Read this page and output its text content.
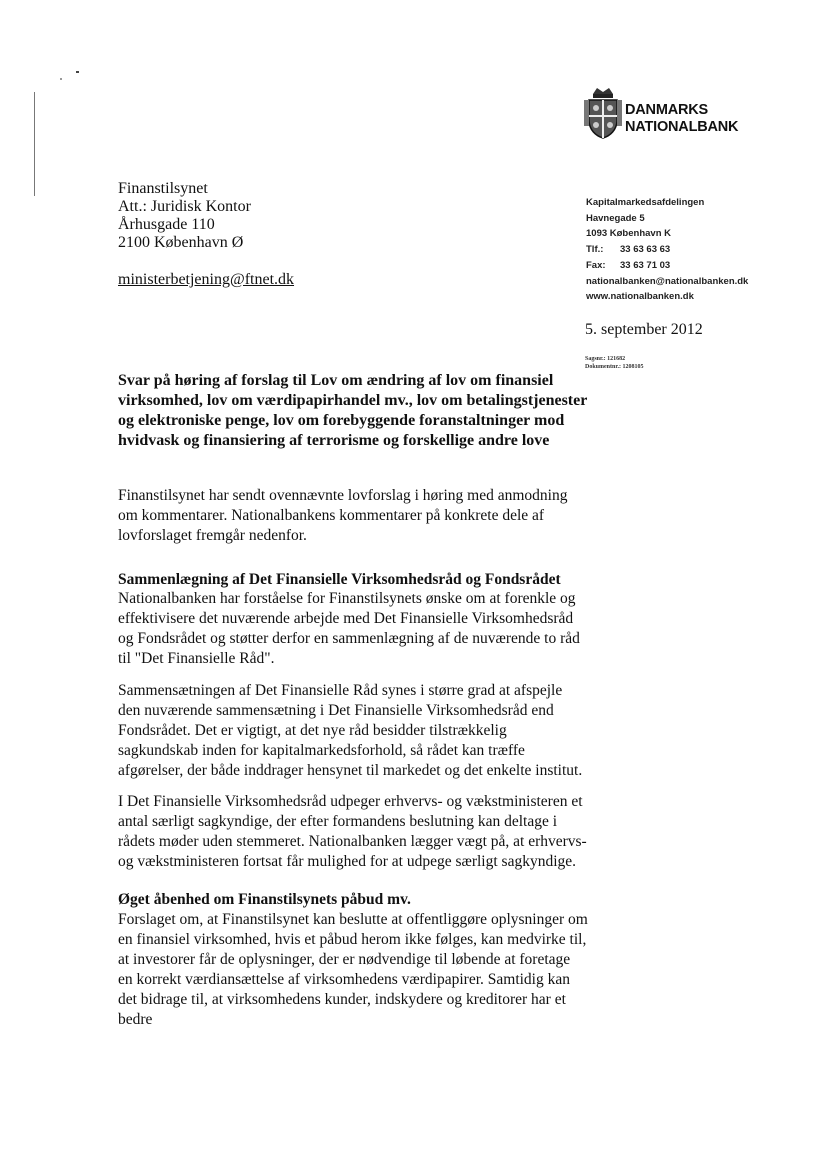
DANMARKS
NATIONALBANK
Finanstilsynet
Att.: Juridisk Kontor
Århusgade 110
2100 København Ø
ministerbetjening@ftnet.dk
Kapitalmarkedsafdelingen
Havnegade 5
1093 København K
Tlf.: 33 63 63 63
Fax: 33 63 71 03
nationalbanken@nationalbanken.dk
www.nationalbanken.dk
5. september 2012
Sagsnr.: 121682
Dokumentnr.: 1208105
Svar på høring af forslag til Lov om ændring af lov om finansiel virksomhed, lov om værdipapirhandel mv., lov om betalingstjenester og elektroniske penge, lov om forebyggende foranstaltninger mod hvidvask og finansiering af terrorisme og forskellige andre love
Finanstilsynet har sendt ovennævnte lovforslag i høring med anmodning om kommentarer. Nationalbankens kommentarer på konkrete dele af lovforslaget fremgår nedenfor.
Sammenlægning af Det Finansielle Virksomhedsråd og Fondsrådet
Nationalbanken har forståelse for Finanstilsynets ønske om at forenkle og effektivisere det nuværende arbejde med Det Finansielle Virksomhedsråd og Fondsrådet og støtter derfor en sammenlægning af de nuværende to råd til "Det Finansielle Råd".
Sammensætningen af Det Finansielle Råd synes i større grad at afspejle den nuværende sammensætning i Det Finansielle Virksomhedsråd end Fondsrådet. Det er vigtigt, at det nye råd besidder tilstrækkelig sagkundskab inden for kapitalmarkedsforhold, så rådet kan træffe afgørelser, der både inddrager hensynet til markedet og det enkelte institut.
I Det Finansielle Virksomhedsråd udpeger erhvervs- og vækstministeren et antal særligt sagkyndige, der efter formandens beslutning kan deltage i rådets møder uden stemmeret. Nationalbanken lægger vægt på, at erhvervs- og vækstministeren fortsat får mulighed for at udpege særligt sagkyndige.
Øget åbenhed om Finanstilsynets påbud mv.
Forslaget om, at Finanstilsynet kan beslutte at offentliggøre oplysninger om en finansiel virksomhed, hvis et påbud herom ikke følges, kan medvirke til, at investorer får de oplysninger, der er nødvendige til løbende at foretage en korrekt værdiansættelse af virksomhedens værdipapirer. Samtidig kan det bidrage til, at virksomhedens kunder, indskydere og kreditorer har et bedre
